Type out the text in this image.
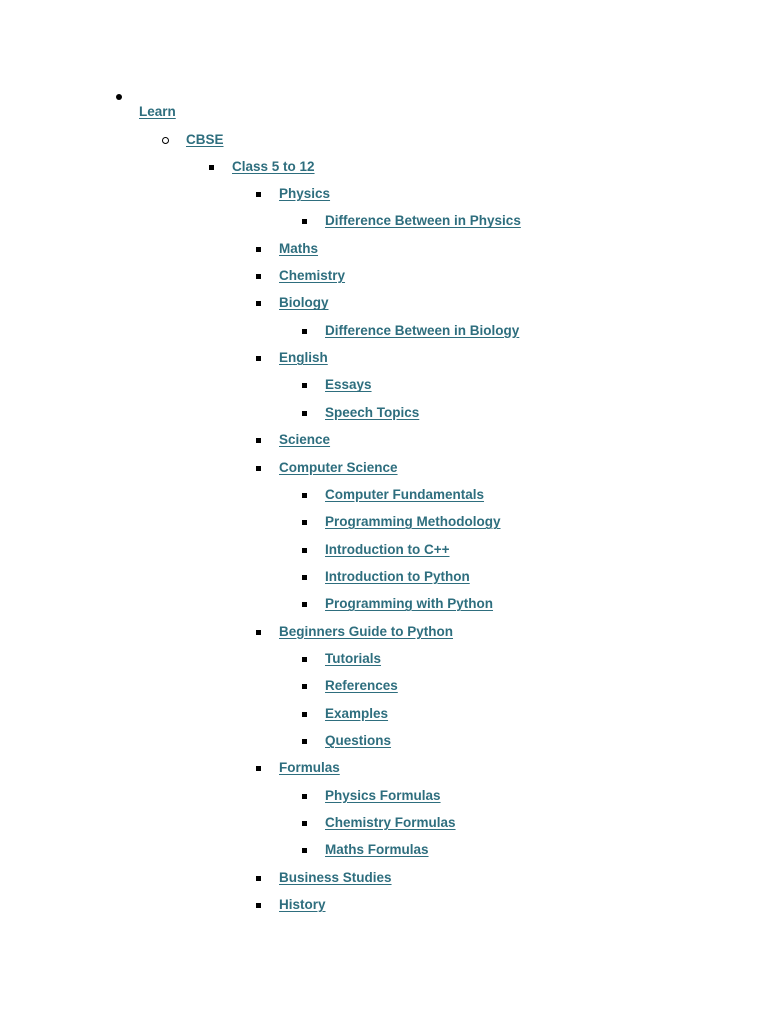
Learn
CBSE
Class 5 to 12
Physics
Difference Between in Physics
Maths
Chemistry
Biology
Difference Between in Biology
English
Essays
Speech Topics
Science
Computer Science
Computer Fundamentals
Programming Methodology
Introduction to C++
Introduction to Python
Programming with Python
Beginners Guide to Python
Tutorials
References
Examples
Questions
Formulas
Physics Formulas
Chemistry Formulas
Maths Formulas
Business Studies
History
